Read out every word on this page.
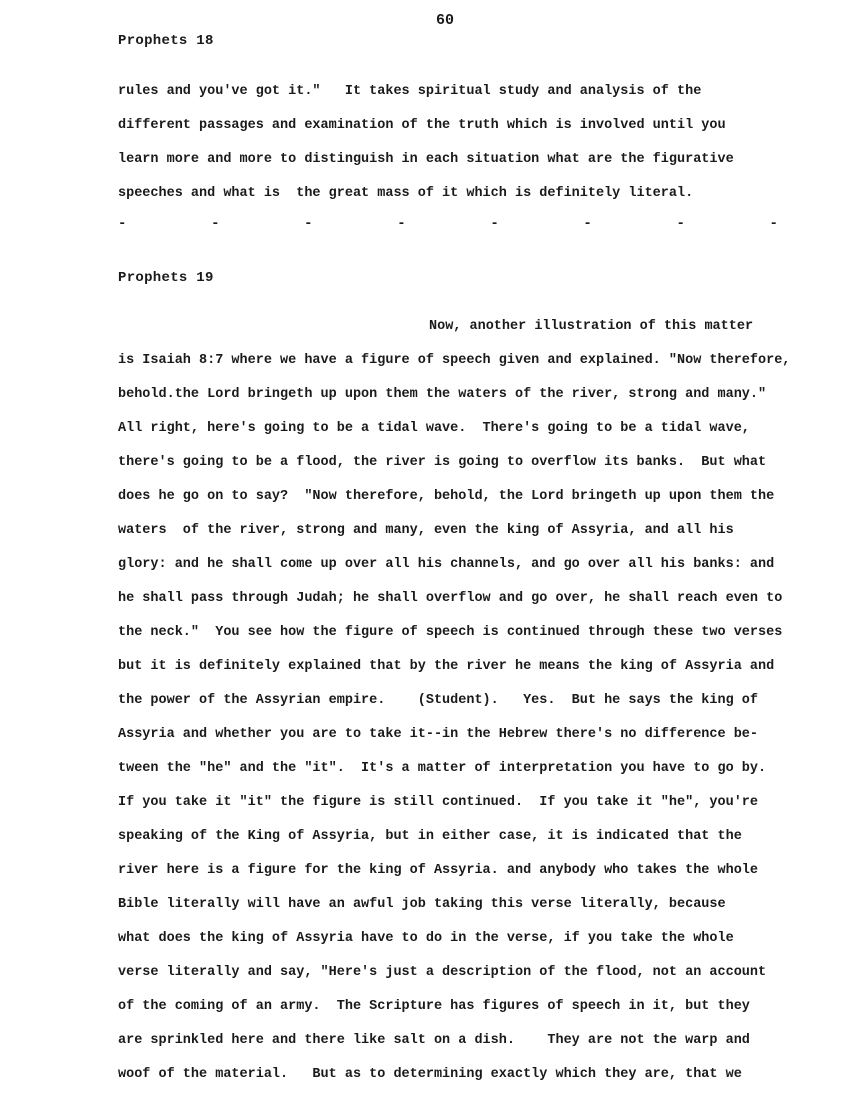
60
Prophets 18
rules and you've got it."   It takes spiritual study and analysis of the
different passages and examination of the truth which is involved until you
learn more and more to distinguish in each situation what are the figurative
speeches and what is  the great mass of it which is definitely literal.
-	-	-	-	-	-	-	-
Prophets 19
Now, another illustration of this matter
is Isaiah 8:7 where we have a figure of speech given and explained. "Now therefore,
behold.the Lord bringeth up upon them the waters of the river, strong and many."
All right, here's going to be a tidal wave.  There's going to be a tidal wave,
there's going to be a flood, the river is going to overflow its banks.  But what
does he go on to say?  "Now therefore, behold, the Lord bringeth up upon them the
waters  of the river, strong and many, even the king of Assyria, and all his
glory: and he shall come up over all his channels, and go over all his banks: and
he shall pass through Judah; he shall overflow and go over, he shall reach even to
the neck."  You see how the figure of speech is continued through these two verses
but it is definitely explained that by the river he means the king of Assyria and
the power of the Assyrian empire.    (Student).   Yes.  But he says the king of
Assyria and whether you are to take it--in the Hebrew there's no difference be-
tween the "he" and the "it".  It's a matter of interpretation you have to go by.
If you take it "it" the figure is still continued.  If you take it "he", you're
speaking of the King of Assyria, but in either case, it is indicated that the
river here is a figure for the king of Assyria. and anybody who takes the whole
Bible literally will have an awful job taking this verse literally, because
what does the king of Assyria have to do in the verse, if you take the whole
verse literally and say, "Here's just a description of the flood, not an account
of the coming of an army.  The Scripture has figures of speech in it, but they
are sprinkled here and there like salt on a dish.    They are not the warp and
woof of the material.   But as to determining exactly which they are, that we
